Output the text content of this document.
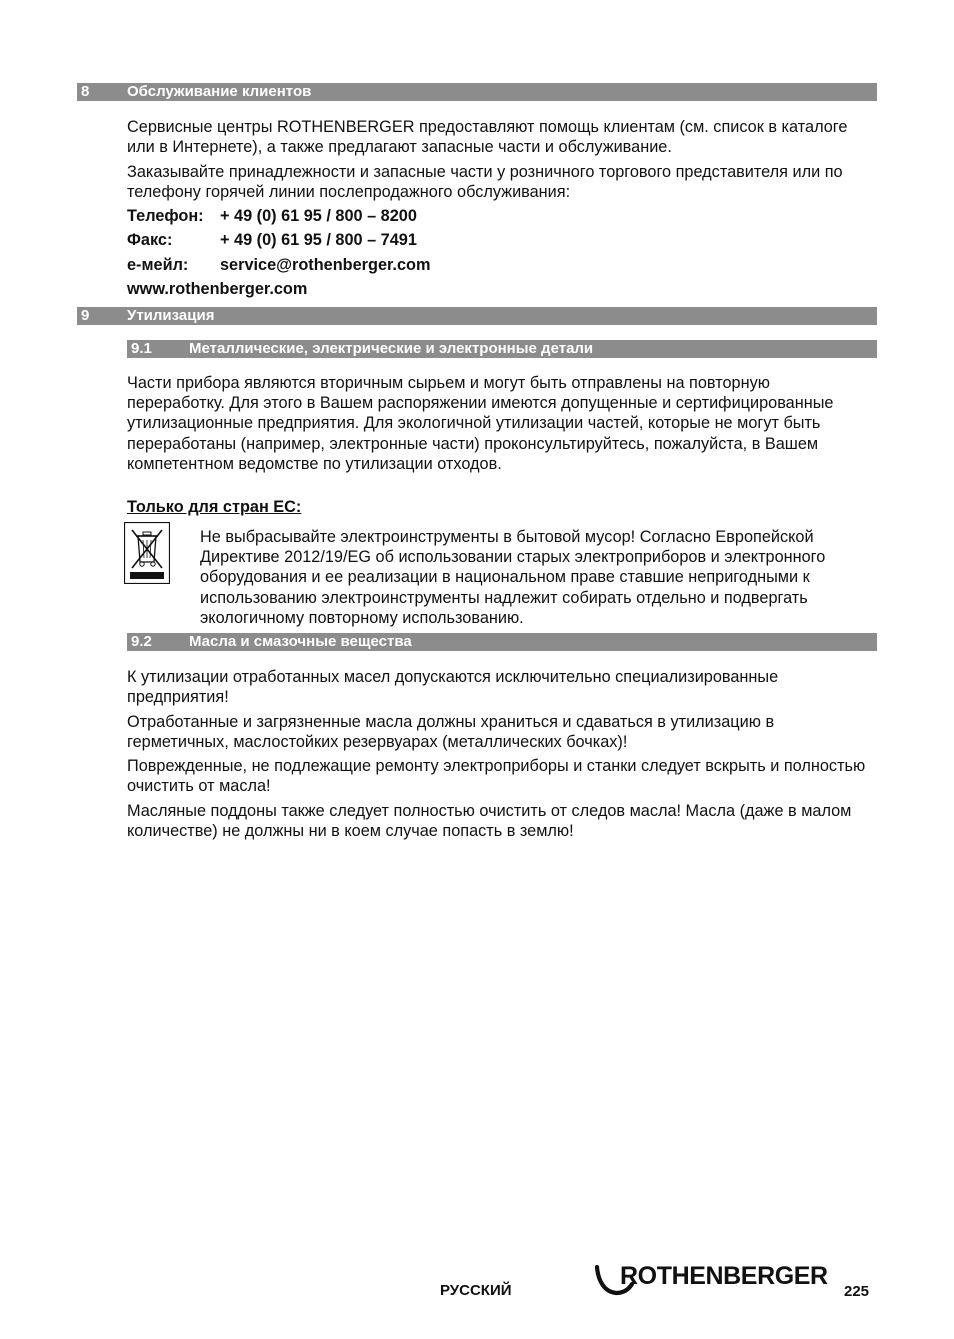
8	Обслуживание клиентов
Сервисные центры ROTHENBERGER предоставляют помощь клиентам (см. список в каталоге или в Интернете), а также предлагают запасные части и обслуживание.
Заказывайте принадлежности и запасные части у розничного торгового представителя или по телефону горячей линии послепродажного обслуживания:
Телефон: + 49 (0) 61 95 / 800 – 8200
Факс:	+ 49 (0) 61 95 / 800 – 7491
e-мейл: service@rothenberger.com
www.rothenberger.com
9	Утилизация
9.1 Металлические, электрические и электронные детали
Части прибора являются вторичным сырьем и могут быть отправлены на повторную переработку. Для этого в Вашем распоряжении имеются допущенные и сертифицированные утилизационные предприятия. Для экологичной утилизации частей, которые не могут быть переработаны (например, электронные части) проконсультируйтесь, пожалуйста, в Вашем компетентном ведомстве по утилизации отходов.
Только для стран ЕС:
Не выбрасывайте электроинструменты в бытовой мусор! Согласно Европейской Директиве 2012/19/EG об использовании старых электроприборов и электронного оборудования и ее реализации в национальном праве ставшие непригодными к использованию электроинструменты надлежит собирать отдельно и подвергать экологичному повторному использованию.
9.2 Масла и смазочные вещества
К утилизации отработанных масел допускаются исключительно специализированные предприятия!
Отработанные и загрязненные масла должны храниться и сдаваться в утилизацию в герметичных, маслостойких резервуарах (металлических бочках)!
Поврежденные, не подлежащие ремонту электроприборы и станки следует вскрыть и полностью очистить от масла!
Масляные поддоны также следует полностью очистить от следов масла! Масла (даже в малом количестве) не должны ни в коем случае попасть в землю!
РУССКИЙ
ROTHENBERGER
225
